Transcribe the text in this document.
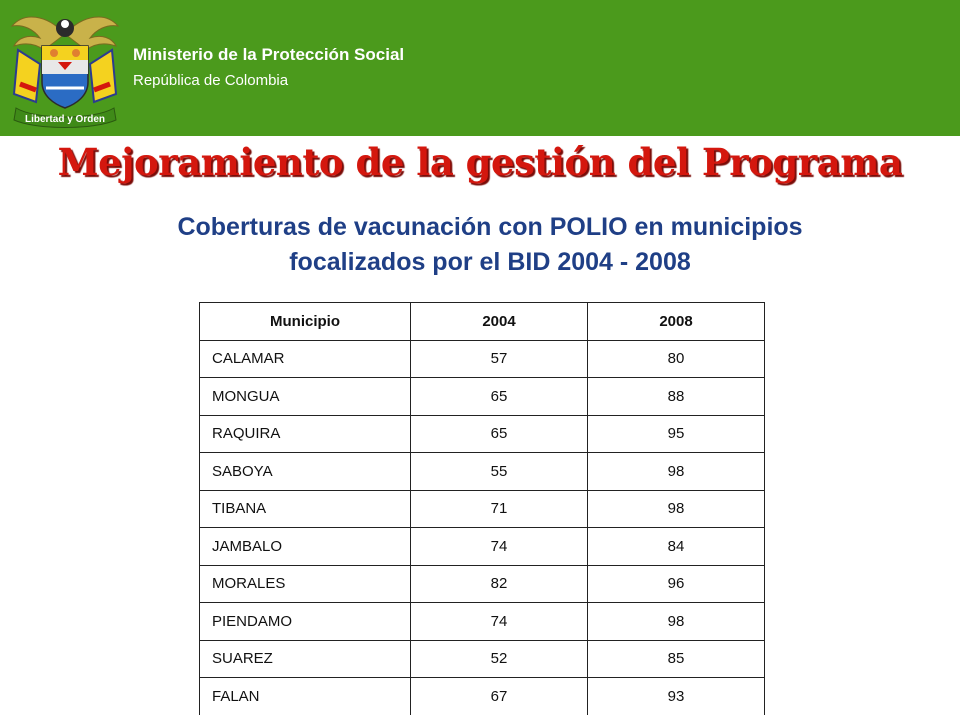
Libertad y Orden
Ministerio de la Protección Social
República de Colombia
Mejoramiento de la gestión del Programa
Coberturas de vacunación con POLIO en municipios
focalizados por el BID 2004 - 2008
Municipio	2004	2008
CALAMAR	57	80
MONGUA	65	88
RAQUIRA	65	95
SABOYA	55	98
TIBANA	71	98
JAMBALO	74	84
MORALES	82	96
PIENDAMO	74	98
SUAREZ	52	85
FALAN	67	93
